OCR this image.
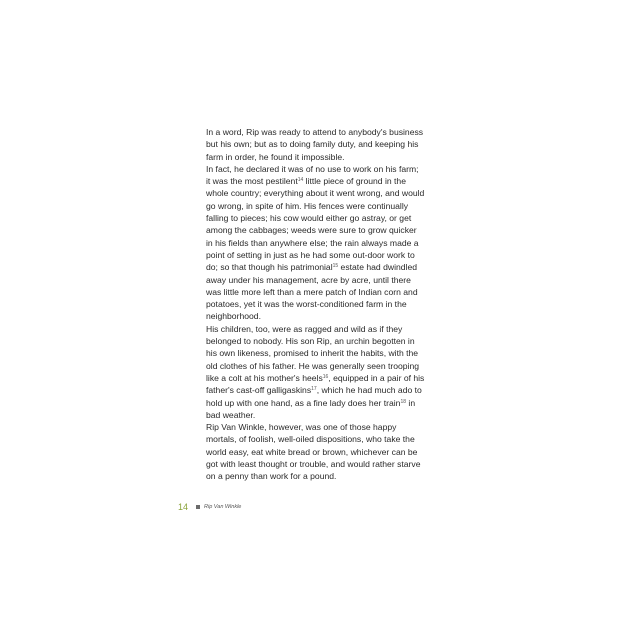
In a word, Rip was ready to attend to anybody's business
but his own; but as to doing family duty, and keeping his
farm in order, he found it impossible.

In fact, he declared it was of no use to work on his farm;
it was the most pestilent$^{14}$ little piece of ground in the
whole country; everything about it went wrong, and would
go wrong, in spite of him. His fences were continually
falling to pieces; his cow would either go astray, or get
among the cabbages; weeds were sure to grow quicker
in his fields than anywhere else; the rain always made a
point of setting in just as he had some out-door work to
do; so that though his patrimonial$^{15}$ estate had dwindled
away under his management, acre by acre, until there
was little more left than a mere patch of Indian corn and
potatoes, yet it was the worst-conditioned farm in the
neighborhood.

His children, too, were as ragged and wild as if they
belonged to nobody. His son Rip, an urchin begotten in
his own likeness, promised to inherit the habits, with the
old clothes of his father. He was generally seen trooping
like a colt at his mother's heels$^{16}$, equipped in a pair of his
father's cast-off galligaskins$^{17}$, which he had much ado to
hold up with one hand, as a fine lady does her train$^{18}$ in
bad weather.

Rip Van Winkle, however, was one of those happy
mortals, of foolish, well-oiled dispositions, who take the
world easy, eat white bread or brown, whichever can be
got with least thought or trouble, and would rather starve
on a penny than work for a pound.

14	Rip Van Winkle
